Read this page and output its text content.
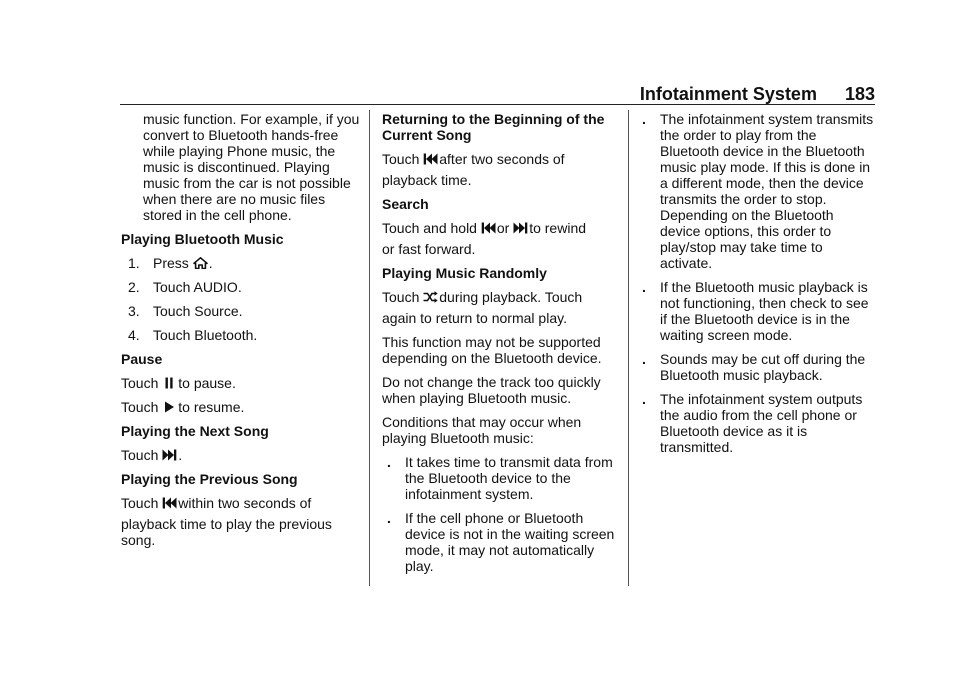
Infotainment System 183

music function. For example, if you convert to Bluetooth hands-free while playing Phone music, the music is discontinued. Playing music from the car is not possible when there are no music files stored in the cell phone.

Playing Bluetooth Music

1. Press .
2. Touch AUDIO.
3. Touch Source.
4. Touch Bluetooth.

Pause

Touch to pause.

Touch to resume.

Playing the Next Song

Touch .

Playing the Previous Song

Touch within two seconds of
playback time to play the previous song.

Returning to the Beginning of the Current Song

Touch after two seconds of
playback time.

Search

Touch and hold or to rewind
or fast forward.

Playing Music Randomly

Touch during playback. Touch
again to return to normal play.

This function may not be supported depending on the Bluetooth device.

Do not change the track too quickly when playing Bluetooth music.

Conditions that may occur when playing Bluetooth music:

. It takes time to transmit data from the Bluetooth device to the infotainment system.
. If the cell phone or Bluetooth device is not in the waiting screen mode, it may not automatically play.
. The infotainment system transmits the order to play from the Bluetooth device in the Bluetooth music play mode. If this is done in a different mode, then the device transmits the order to stop. Depending on the Bluetooth device options, this order to play/stop may take time to activate.
. If the Bluetooth music playback is not functioning, then check to see if the Bluetooth device is in the waiting screen mode.
. Sounds may be cut off during the Bluetooth music playback.
. The infotainment system outputs the audio from the cell phone or Bluetooth device as it is transmitted.
